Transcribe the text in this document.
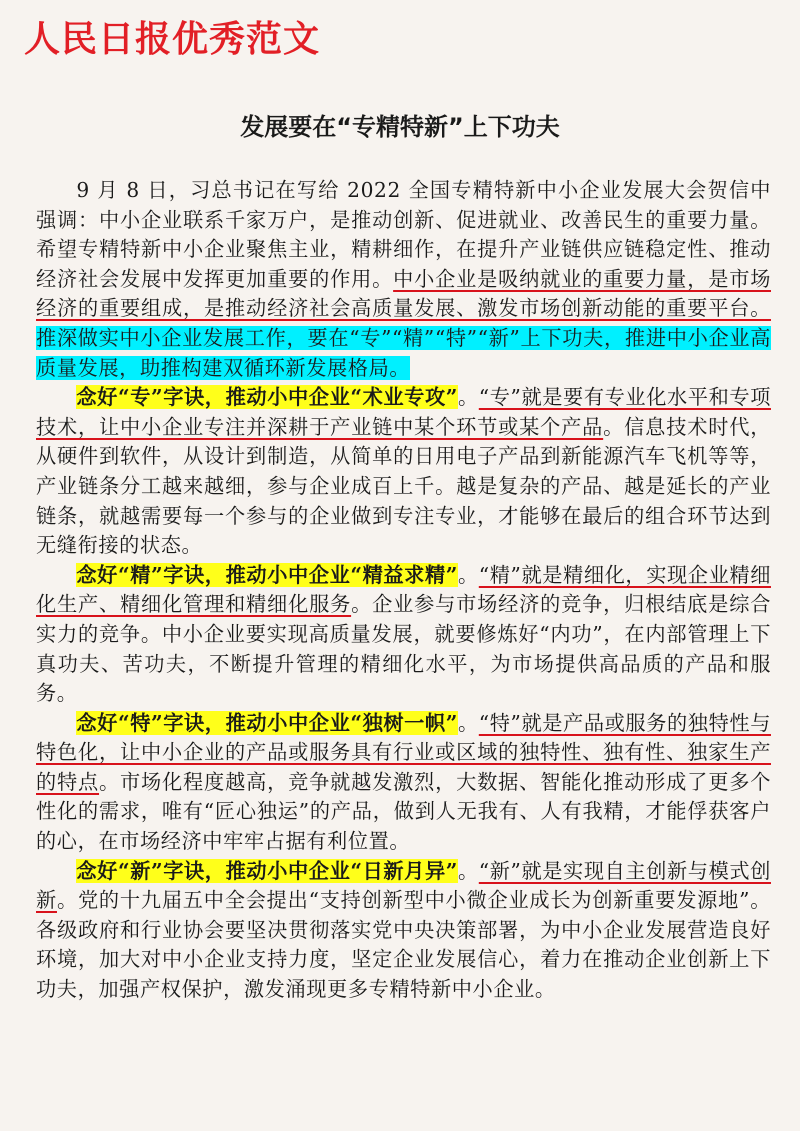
人民日报优秀范文
发展要在“专精特新”上下功夫

9 月 8 日，习总书记在写给 2022 全国专精特新中小企业发展大会贺信中强调：中小企业联系千家万户，是推动创新、促进就业、改善民生的重要力量。希望专精特新中小企业聚焦主业，精耕细作，在提升产业链供应链稳定性、推动经济社会发展中发挥更加重要的作用。中小企业是吸纳就业的重要力量，是市场经济的重要组成，是推动经济社会高质量发展、激发市场创新动能的重要平台。推深做实中小企业发展工作，要在“专”“精”“特”“新”上下功夫，推进中小企业高质量发展，助推构建双循环新发展格局。

念好“专”字诀，推动小中企业“术业专攻”。“专”就是要有专业化水平和专项技术，让中小企业专注并深耕于产业链中某个环节或某个产品。信息技术时代，从硬件到软件，从设计到制造，从简单的日用电子产品到新能源汽车飞机等等，产业链条分工越来越细，参与企业成百上千。越是复杂的产品、越是延长的产业链条，就越需要每一个参与的企业做到专注专业，才能够在最后的组合环节达到无缝衔接的状态。

念好“精”字诀，推动小中企业“精益求精”。“精”就是精细化，实现企业精细化生产、精细化管理和精细化服务。企业参与市场经济的竞争，归根结底是综合实力的竞争。中小企业要实现高质量发展，就要修炼好“内功”，在内部管理上下真功夫、苦功夫，不断提升管理的精细化水平，为市场提供高品质的产品和服务。

念好“特”字诀，推动小中企业“独树一帜”。“特”就是产品或服务的独特性与特色化，让中小企业的产品或服务具有行业或区域的独特性、独有性、独家生产的特点。市场化程度越高，竞争就越发激烈，大数据、智能化推动形成了更多个性化的需求，唯有“匠心独运”的产品，做到人无我有、人有我精，才能俘获客户的心，在市场经济中牢牢占据有利位置。

念好“新”字诀，推动小中企业“日新月异”。“新”就是实现自主创新与模式创新。党的十九届五中全会提出“支持创新型中小微企业成长为创新重要发源地”。各级政府和行业协会要坚决贯彻落实党中央决策部署，为中小企业发展营造良好环境，加大对中小企业支持力度，坚定企业发展信心，着力在推动企业创新上下功夫，加强产权保护，激发涌现更多专精特新中小企业。
